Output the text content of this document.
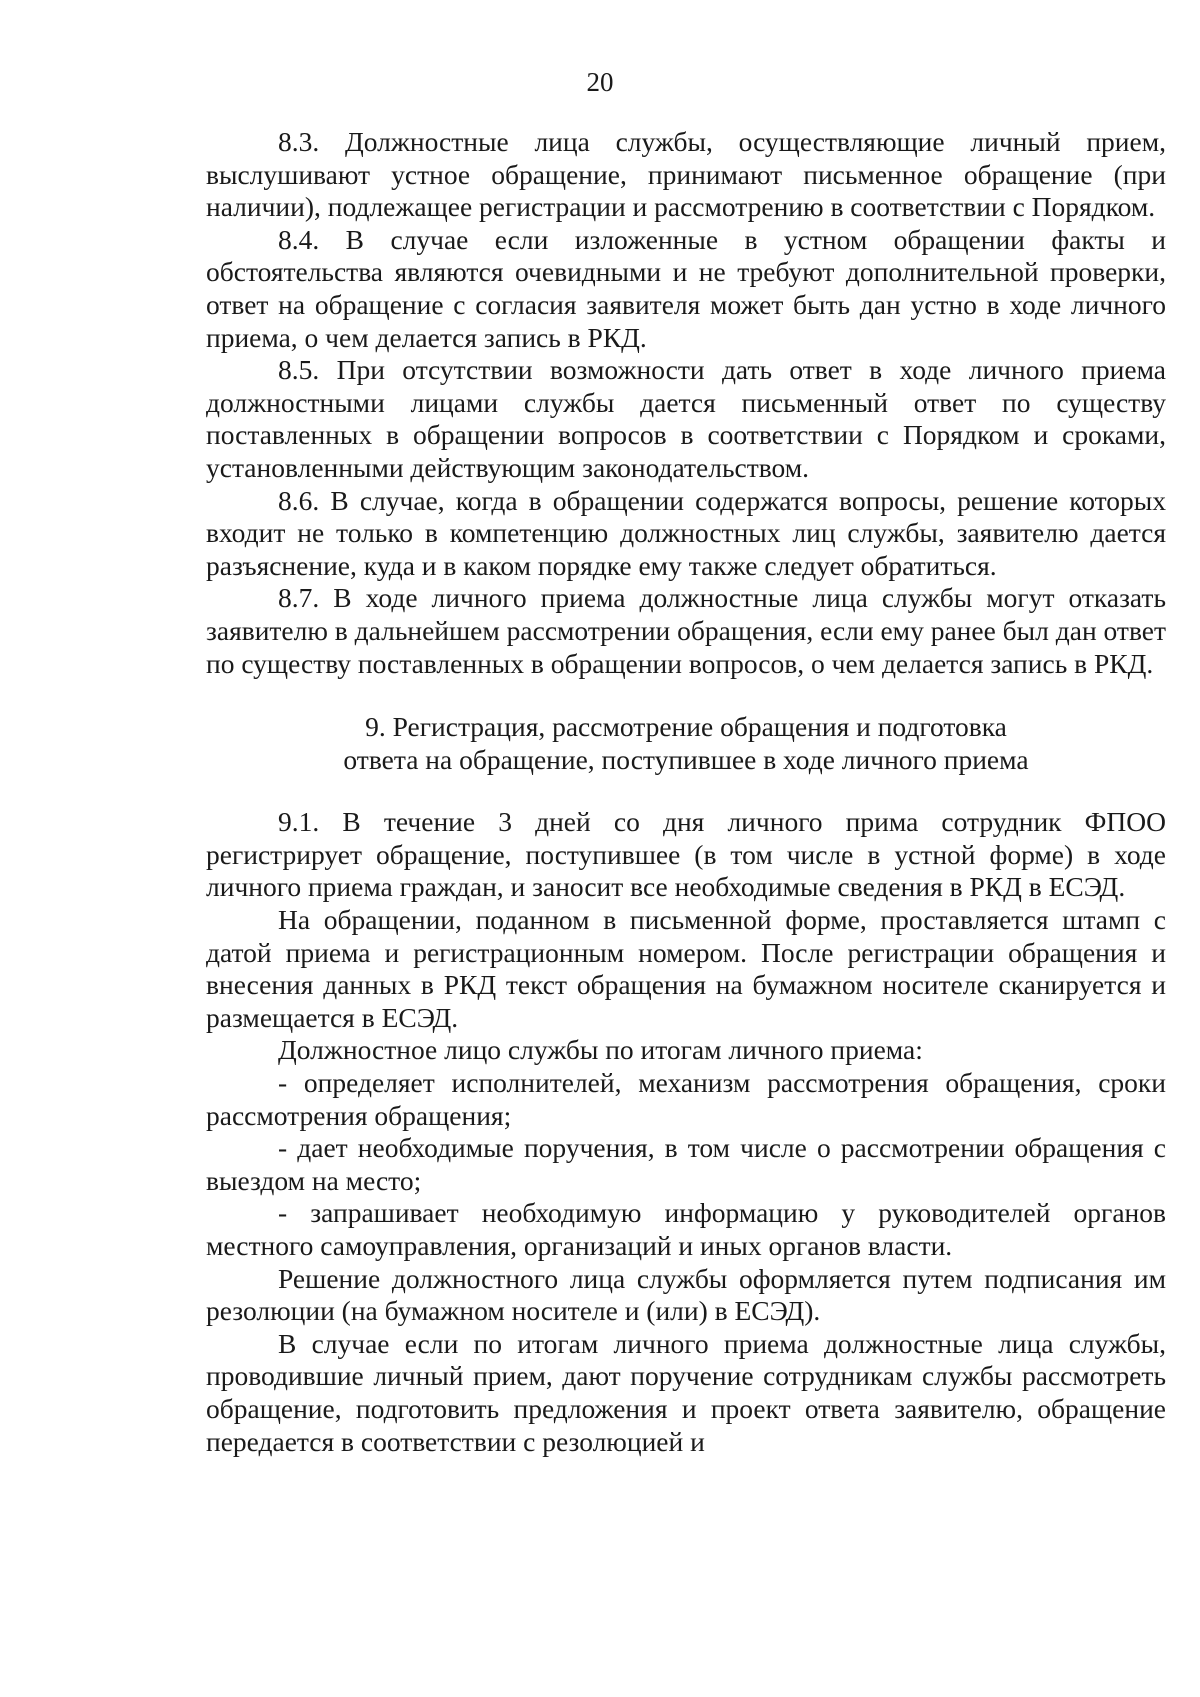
20

8.3. Должностные лица службы, осуществляющие личный прием, выслушивают устное обращение, принимают письменное обращение (при наличии), подлежащее регистрации и рассмотрению в соответствии с Порядком.

8.4. В случае если изложенные в устном обращении факты и обстоятельства являются очевидными и не требуют дополнительной проверки, ответ на обращение с согласия заявителя может быть дан устно в ходе личного приема, о чем делается запись в РКД.

8.5. При отсутствии возможности дать ответ в ходе личного приема должностными лицами службы дается письменный ответ по существу поставленных в обращении вопросов в соответствии с Порядком и сроками, установленными действующим законодательством.

8.6. В случае, когда в обращении содержатся вопросы, решение которых входит не только в компетенцию должностных лиц службы, заявителю дается разъяснение, куда и в каком порядке ему также следует обратиться.

8.7. В ходе личного приема должностные лица службы могут отказать заявителю в дальнейшем рассмотрении обращения, если ему ранее был дан ответ по существу поставленных в обращении вопросов, о чем делается запись в РКД.

9. Регистрация, рассмотрение обращения и подготовка

ответа на обращение, поступившее в ходе личного приема

9.1. В течение 3 дней со дня личного прима сотрудник ФПОО регистрирует обращение, поступившее (в том числе в устной форме) в ходе личного приема граждан, и заносит все необходимые сведения в РКД в ЕСЭД.

На обращении, поданном в письменной форме, проставляется штамп с датой приема и регистрационным номером. После регистрации обращения и внесения данных в РКД текст обращения на бумажном носителе сканируется и размещается в ЕСЭД.

Должностное лицо службы по итогам личного приема:

- определяет исполнителей, механизм рассмотрения обращения, сроки рассмотрения обращения;

- дает необходимые поручения, в том числе о рассмотрении обращения с выездом на место;

- запрашивает необходимую информацию у руководителей органов местного самоуправления, организаций и иных органов власти.

Решение должностного лица службы оформляется путем подписания им резолюции (на бумажном носителе и (или) в ЕСЭД).

В случае если по итогам личного приема должностные лица службы, проводившие личный прием, дают поручение сотрудникам службы рассмотреть обращение, подготовить предложения и проект ответа заявителю, обращение передается в соответствии с резолюцией и
